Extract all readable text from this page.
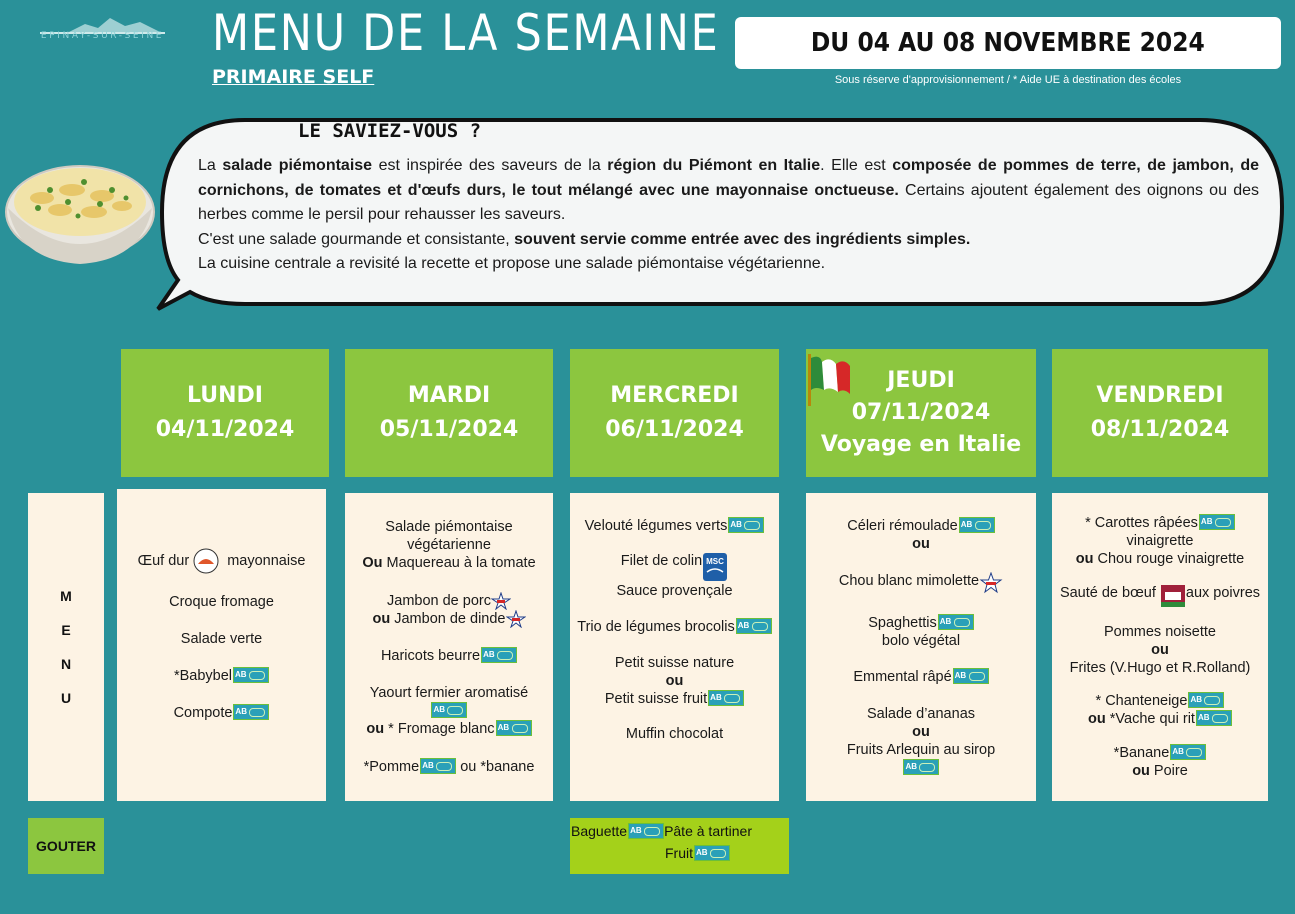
EPINAY-SUR-SEINE MENU DE LA SEMAINE
PRIMAIRE SELF
DU 04 AU 08 NOVEMBRE 2024
Sous réserve d'approvisionnement / * Aide UE à destination des écoles
LE SAVIEZ-VOUS ?

La salade piémontaise est inspirée des saveurs de la région du Piémont en Italie. Elle est composée de pommes de terre, de jambon, de cornichons, de tomates et d'œufs durs, le tout mélangé avec une mayonnaise onctueuse. Certains ajoutent également des oignons ou des herbes comme le persil pour rehausser les saveurs.

C'est une salade gourmande et consistante, souvent servie comme entrée avec des ingrédients simples.

La cuisine centrale a revisité la recette et propose une salade piémontaise végétarienne.

LUNDI
04/11/2024
MARDI
05/11/2024
MERCREDI
06/11/2024
JEUDI
07/11/2024
Voyage en Italie
VENDREDI
08/11/2024
M
E
N
U
GOUTER
Œuf dur mayonnaise
Croque fromage
Salade verte
*BabybelAB
CompoteAB
Salade piémontaise
végétarienne
Ou Maquereau à la tomate
Jambon de porc
ou Jambon de dinde
Haricots beurreAB
Yaourt fermier aromatisé
AB
ou * Fromage blancAB
*Pomme AB	ou *banane
Velouté légumes vertsAB
Filet de colin MSC

Sauce provençale
Trio de légumes brocolisAB
Petit suisse nature
ou
Petit suisse fruitAB
Muffin chocolat
Céleri rémouladeAB
ou
Chou blanc mimolette
SpaghettisAB
bolo végétal
Emmental râpéAB
Salade d’ananas
ou
Fruits Arlequin au sirop
AB
* Carottes râpéesAB
vinaigrette
ou Chou rouge vinaigrette
Sauté de bœuf aux poivres
Pommes noisette
ou
Frites (V.Hugo et R.Rolland)
* ChanteneigeAB
ou *Vache qui ritAB
*BananeAB
ou Poire
Baguette AB	Pâte à tartiner
FruitAB
